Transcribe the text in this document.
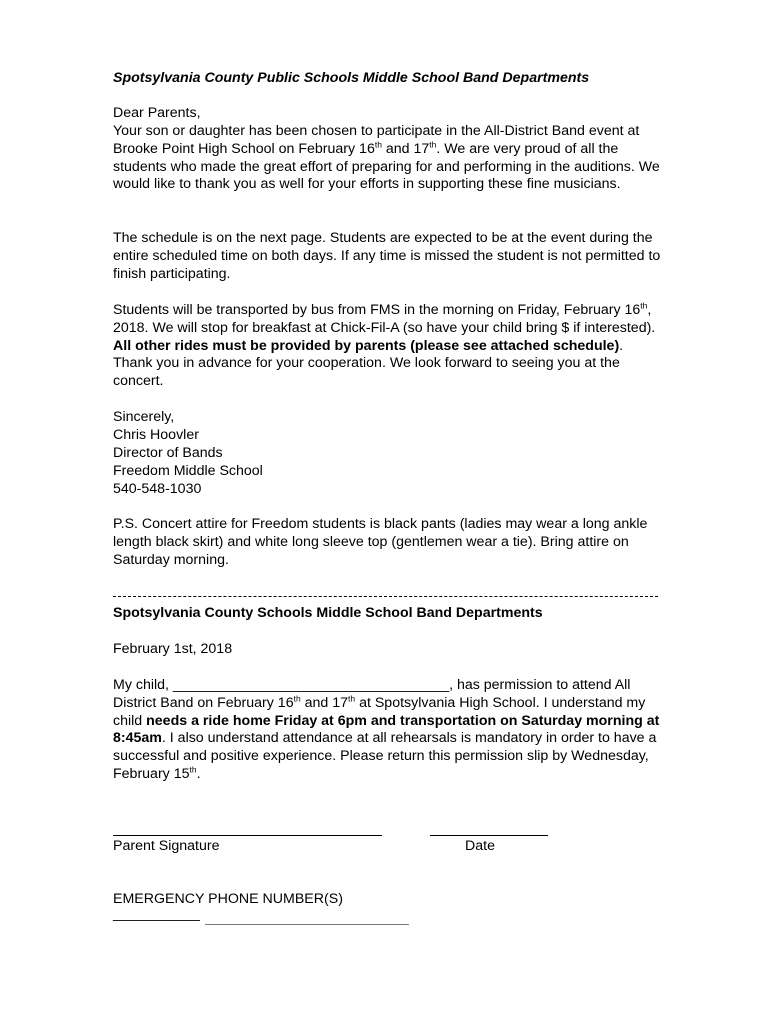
Spotsylvania County Public Schools Middle School Band Departments
Dear Parents,

Your son or daughter has been chosen to participate in the All-District Band event at Brooke Point High School on February 16th and 17th. We are very proud of all the students who made the great effort of preparing for and performing in the auditions. We would like to thank you as well for your efforts in supporting these fine musicians.

The schedule is on the next page. Students are expected to be at the event during the entire scheduled time on both days. If any time is missed the student is not permitted to finish participating.

Students will be transported by bus from FMS in the morning on Friday, February 16th, 2018. We will stop for breakfast at Chick-Fil-A (so have your child bring $ if interested). All other rides must be provided by parents (please see attached schedule). Thank you in advance for your cooperation. We look forward to seeing you at the concert.

Sincerely,
Chris Hoovler
Director of Bands
Freedom Middle School
540-548-1030

P.S. Concert attire for Freedom students is black pants (ladies may wear a long ankle length black skirt) and white long sleeve top (gentlemen wear a tie). Bring attire on Saturday morning.

Spotsylvania County Schools Middle School Band Departments
February 1st, 2018

My child, ___________________________________, has permission to attend All District Band on February 16th and 17th at Spotsylvania High School. I understand my child needs a ride home Friday at 6pm and transportation on Saturday morning at 8:45am. I also understand attendance at all rehearsals is mandatory in order to have a successful and positive experience. Please return this permission slip by Wednesday, February 15th.

Parent Signature	Date
EMERGENCY PHONE NUMBER(S)
___________
